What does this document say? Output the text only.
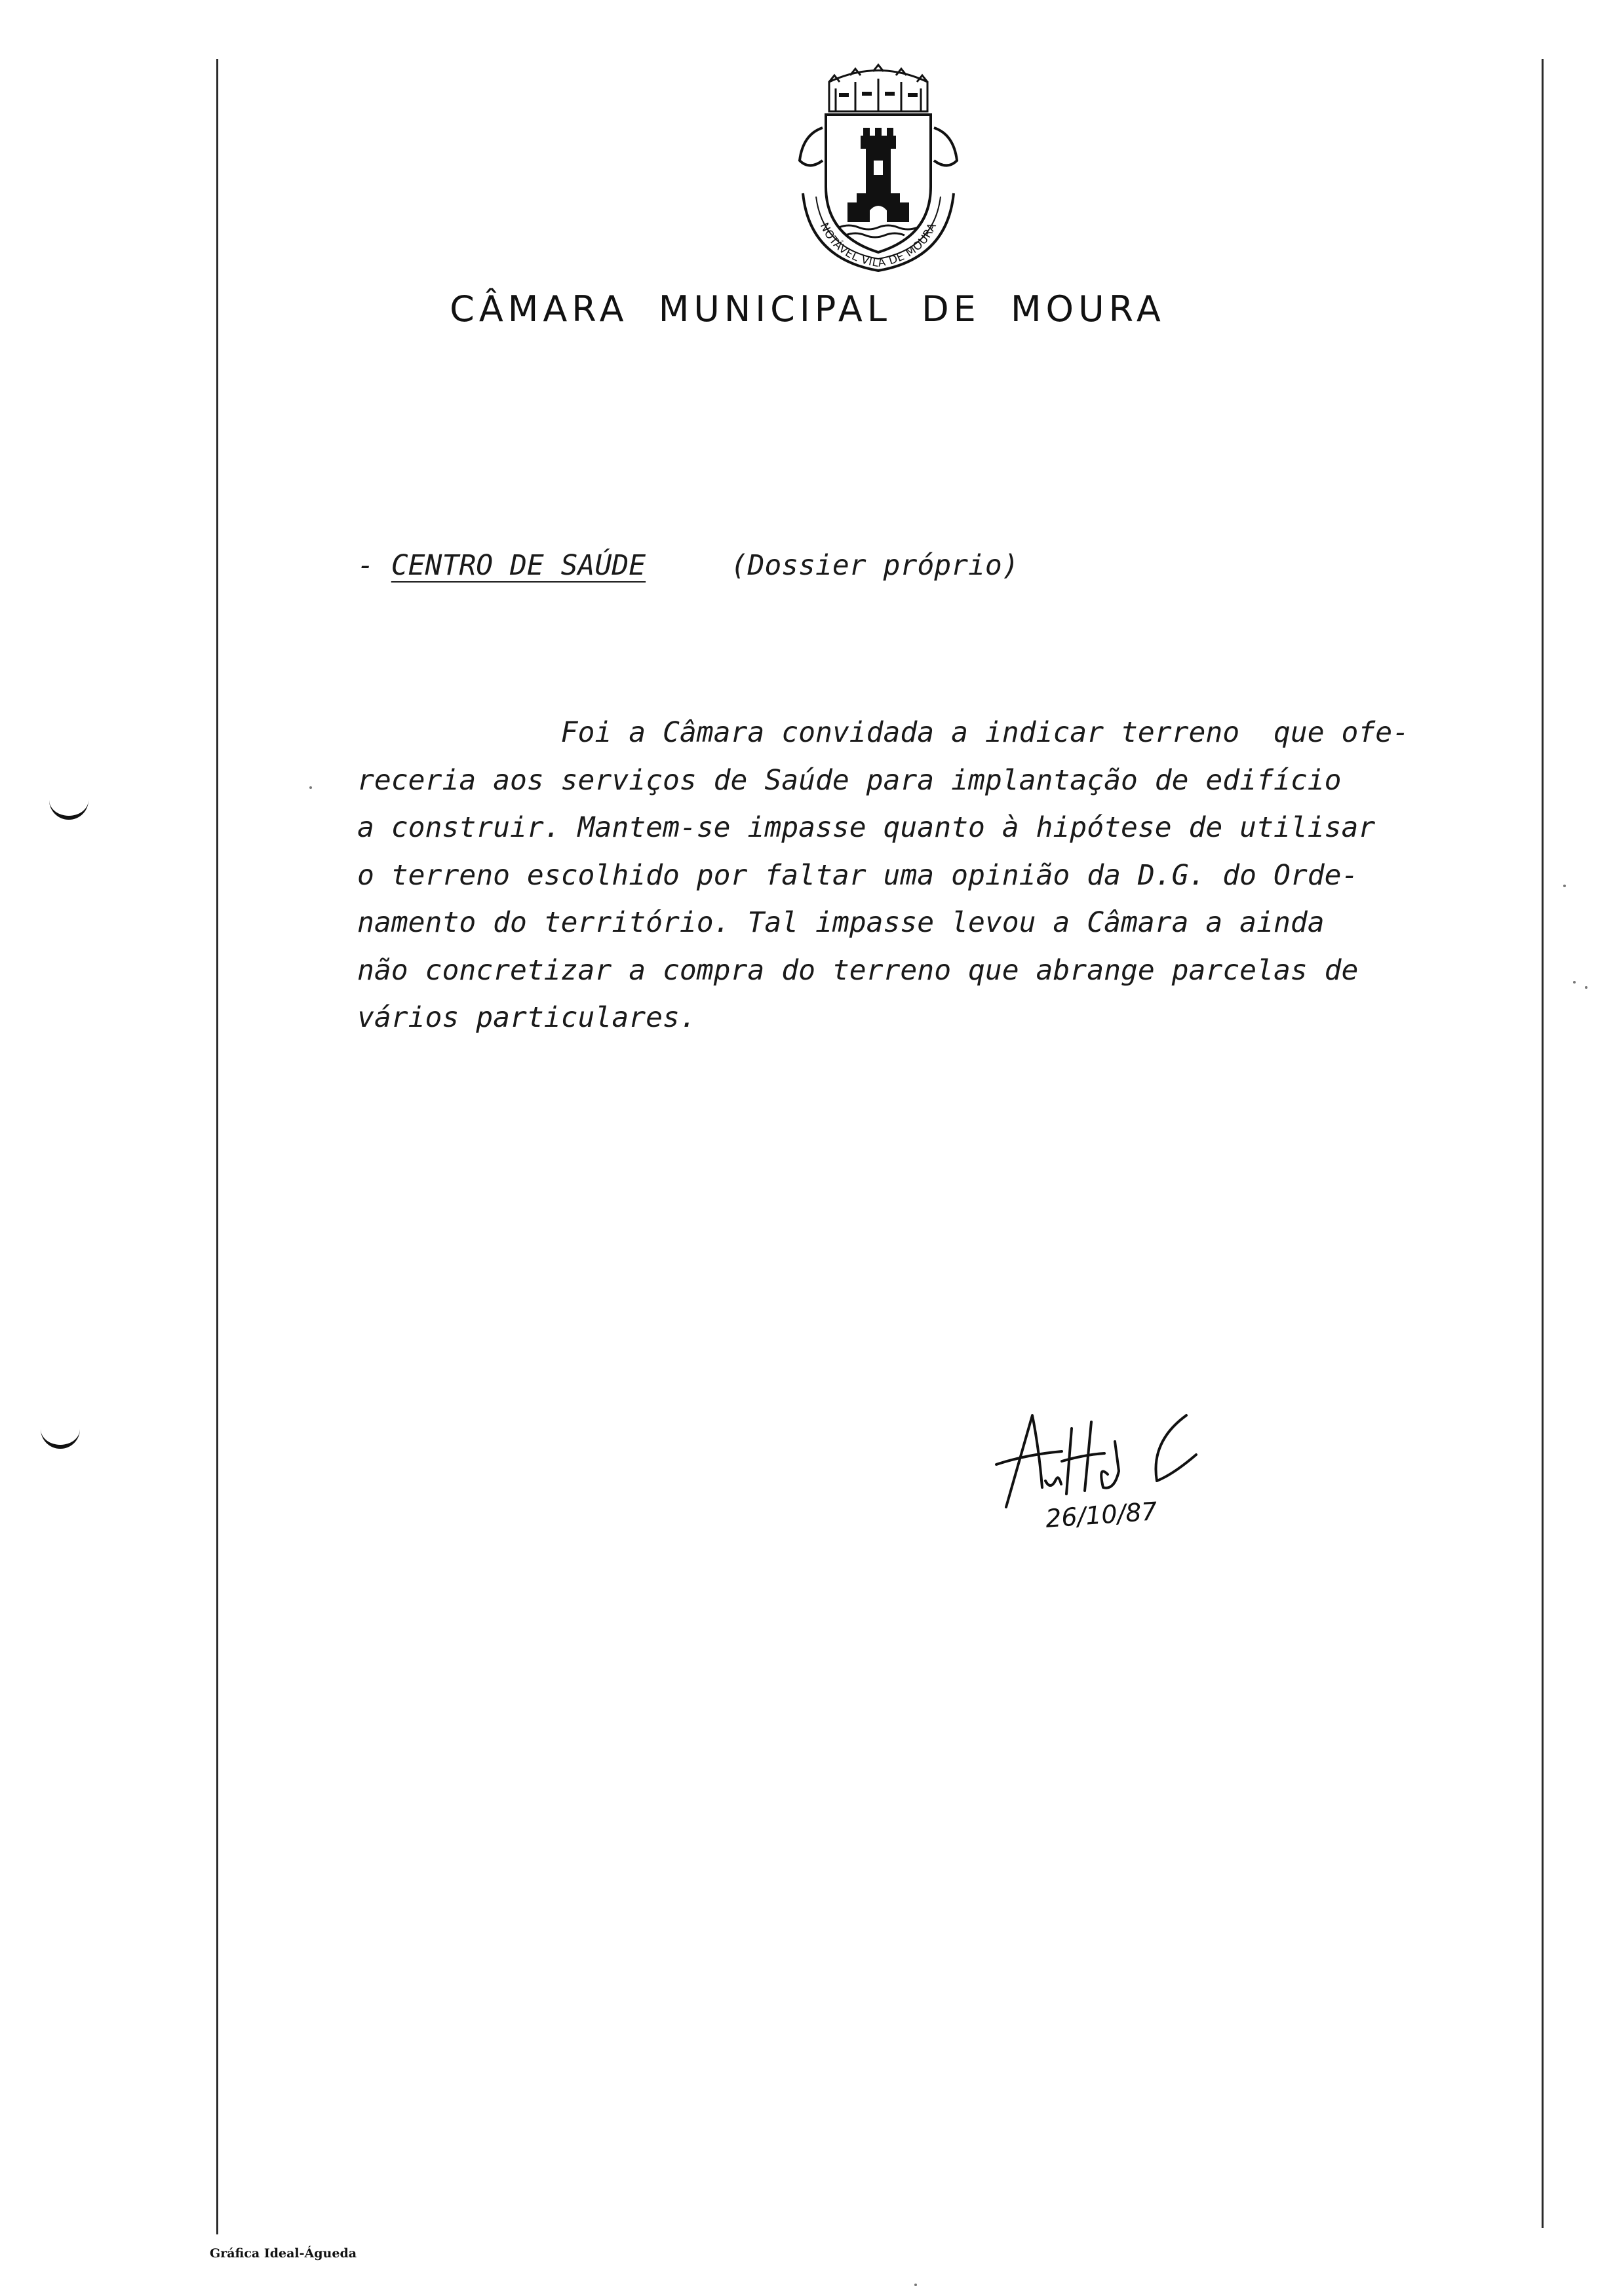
NOTÁVEL VILA DE MOURA
CÂMARA MUNICIPAL DE MOURA
- CENTRO DE SAÚDE	(Dossier próprio)
Foi a Câmara convidada a indicar terreno  que ofe-
receria aos serviços de Saúde para implantação de edifício
a construir. Mantem-se impasse quanto à hipótese de utilisar
o terreno escolhido por faltar uma opinião da D.G. do Orde-
namento do território. Tal impasse levou a Câmara a ainda
não concretizar a compra do terreno que abrange parcelas de
vários particulares.
26/10/87
Gráfica Ideal-Águeda
